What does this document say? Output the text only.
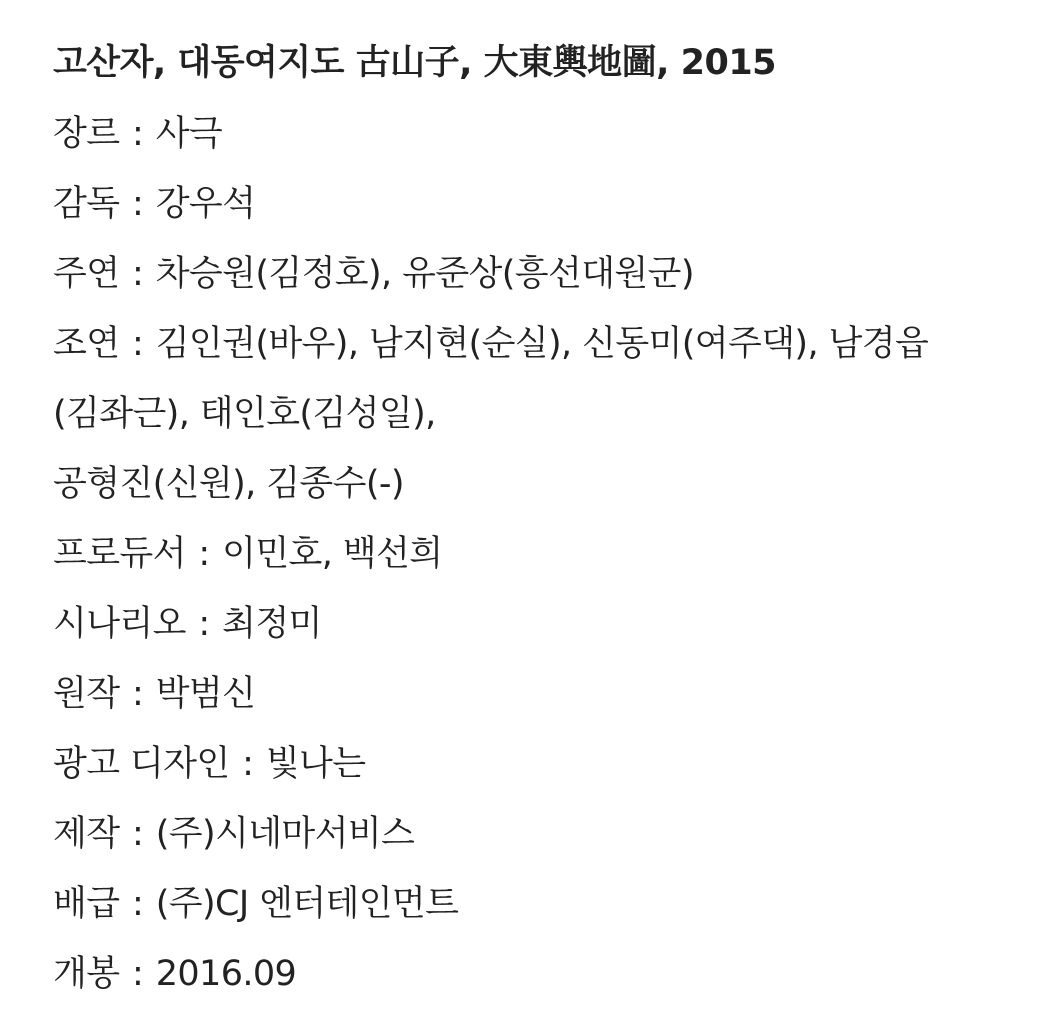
고산자, 대동여지도 古山子, 大東輿地圖, 2015
장르 : 사극
감독 : 강우석
주연 : 차승원(김정호), 유준상(흥선대원군)
조연 : 김인권(바우), 남지현(순실), 신동미(여주댁), 남경읍
(김좌근), 태인호(김성일),
공형진(신원), 김종수(-)
프로듀서 : 이민호, 백선희
시나리오 : 최정미
원작 : 박범신
광고 디자인 : 빛나는
제작 : (주)시네마서비스
배급 : (주)CJ 엔터테인먼트
개봉 : 2016.09
